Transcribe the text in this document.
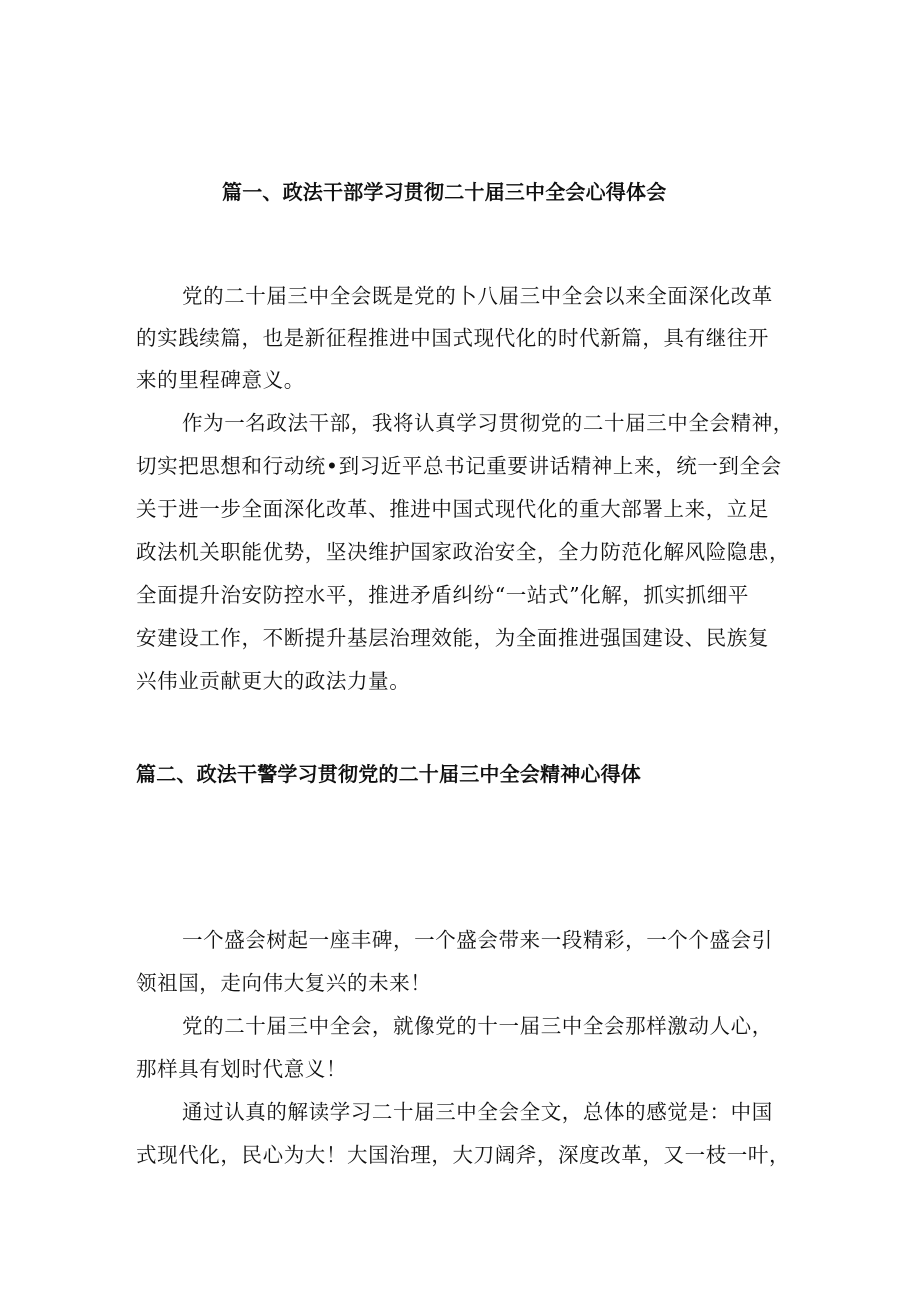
篇一、政法干部学习贯彻二十届三中全会心得体会
党的二十届三中全会既是党的卜八届三中全会以来全面深化改革
的实践续篇，也是新征程推进中国式现代化的时代新篇，具有继往开
来的里程碑意义。
作为一名政法干部，我将认真学习贯彻党的二十届三中全会精神，
切实把思想和行动统•到习近平总书记重要讲话精神上来，统一到全会
关于进一步全面深化改革、推进中国式现代化的重大部署上来，立足
政法机关职能优势，坚决维护国家政治安全，全力防范化解风险隐患，
全面提升治安防控水平，推进矛盾纠纷“一站式”化解，抓实抓细平
安建设工作，不断提升基层治理效能，为全面推进强国建设、民族复
兴伟业贡献更大的政法力量。
篇二、政法干警学习贯彻党的二十届三中全会精神心得体
一个盛会树起一座丰碑，一个盛会带来一段精彩，一个个盛会引
领祖国，走向伟大复兴的未来！
党的二十届三中全会，就像党的十一届三中全会那样激动人心，
那样具有划时代意义！
通过认真的解读学习二十届三中全会全文，总体的感觉是：中国
式现代化，民心为大！大国治理，大刀阔斧，深度改革，又一枝一叶，
